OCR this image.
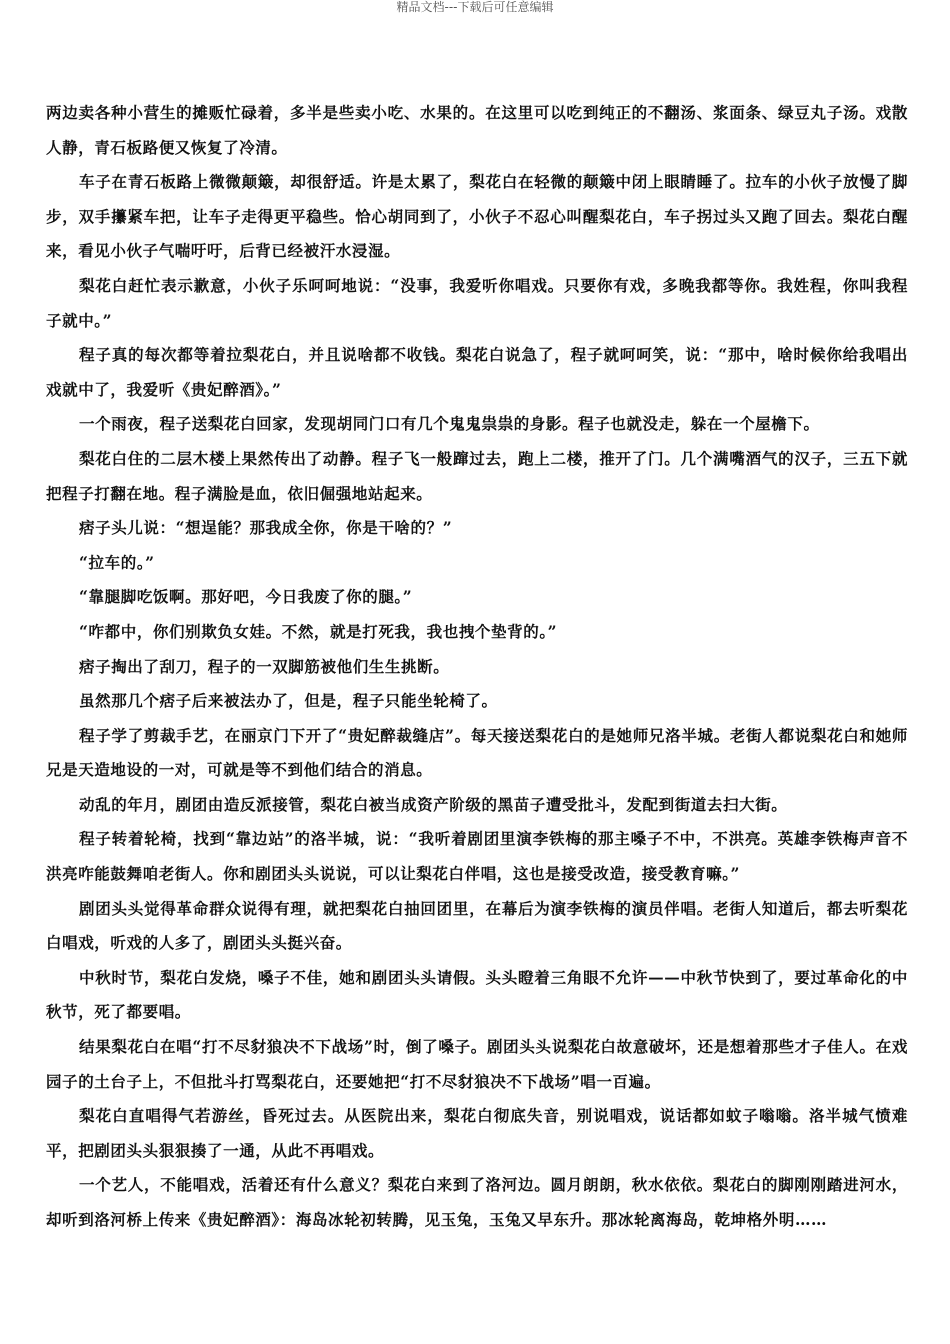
精品文档---下载后可任意编辑

两边卖各种小营生的摊贩忙碌着，多半是些卖小吃、水果的。在这里可以吃到纯正的不翻汤、浆面条、绿豆丸子汤。戏散人静，青石板路便又恢复了冷清。

车子在青石板路上微微颠簸，却很舒适。许是太累了，梨花白在轻微的颠簸中闭上眼睛睡了。拉车的小伙子放慢了脚步，双手攥紧车把，让车子走得更平稳些。恰心胡同到了，小伙子不忍心叫醒梨花白，车子拐过头又跑了回去。梨花白醒来，看见小伙子气喘吁吁，后背已经被汗水浸湿。

梨花白赶忙表示歉意，小伙子乐呵呵地说：“没事，我爱听你唱戏。只要你有戏，多晚我都等你。我姓程，你叫我程子就中。”

程子真的每次都等着拉梨花白，并且说啥都不收钱。梨花白说急了，程子就呵呵笑，说：“那中，啥时候你给我唱出戏就中了，我爱听《贵妃醉酒》。”

一个雨夜，程子送梨花白回家，发现胡同门口有几个鬼鬼祟祟的身影。程子也就没走，躲在一个屋檐下。

梨花白住的二层木楼上果然传出了动静。程子飞一般蹿过去，跑上二楼，推开了门。几个满嘴酒气的汉子，三五下就把程子打翻在地。程子满脸是血，依旧倔强地站起来。

痞子头儿说：“想逞能？那我成全你，你是干啥的？”

“拉车的。”

“靠腿脚吃饭啊。那好吧，今日我废了你的腿。”

“咋都中，你们别欺负女娃。不然，就是打死我，我也拽个垫背的。”

痞子掏出了刮刀，程子的一双脚筋被他们生生挑断。

虽然那几个痞子后来被法办了，但是，程子只能坐轮椅了。

程子学了剪裁手艺，在丽京门下开了“贵妃醉裁缝店”。每天接送梨花白的是她师兄洛半城。老街人都说梨花白和她师兄是天造地设的一对，可就是等不到他们结合的消息。

动乱的年月，剧团由造反派接管，梨花白被当成资产阶级的黑苗子遭受批斗，发配到街道去扫大街。

程子转着轮椅，找到“靠边站”的洛半城，说：“我听着剧团里演李铁梅的那主嗓子不中，不洪亮。英雄李铁梅声音不洪亮咋能鼓舞咱老街人。你和剧团头头说说，可以让梨花白伴唱，这也是接受改造，接受教育嘛。”

剧团头头觉得革命群众说得有理，就把梨花白抽回团里，在幕后为演李铁梅的演员伴唱。老街人知道后，都去听梨花白唱戏，听戏的人多了，剧团头头挺兴奋。

中秋时节，梨花白发烧，嗓子不佳，她和剧团头头请假。头头瞪着三角眼不允许——中秋节快到了，要过革命化的中秋节，死了都要唱。

结果梨花白在唱“打不尽豺狼决不下战场”时，倒了嗓子。剧团头头说梨花白故意破坏，还是想着那些才子佳人。在戏园子的土台子上，不但批斗打骂梨花白，还要她把“打不尽豺狼决不下战场”唱一百遍。

梨花白直唱得气若游丝，昏死过去。从医院出来，梨花白彻底失音，别说唱戏，说话都如蚊子嗡嗡。洛半城气愤难平，把剧团头头狠狠揍了一通，从此不再唱戏。

一个艺人，不能唱戏，活着还有什么意义？梨花白来到了洛河边。圆月朗朗，秋水依依。梨花白的脚刚刚踏进河水，却听到洛河桥上传来《贵妃醉酒》：海岛冰轮初转腾，见玉兔，玉兔又早东升。那冰轮离海岛，乾坤格外明……
